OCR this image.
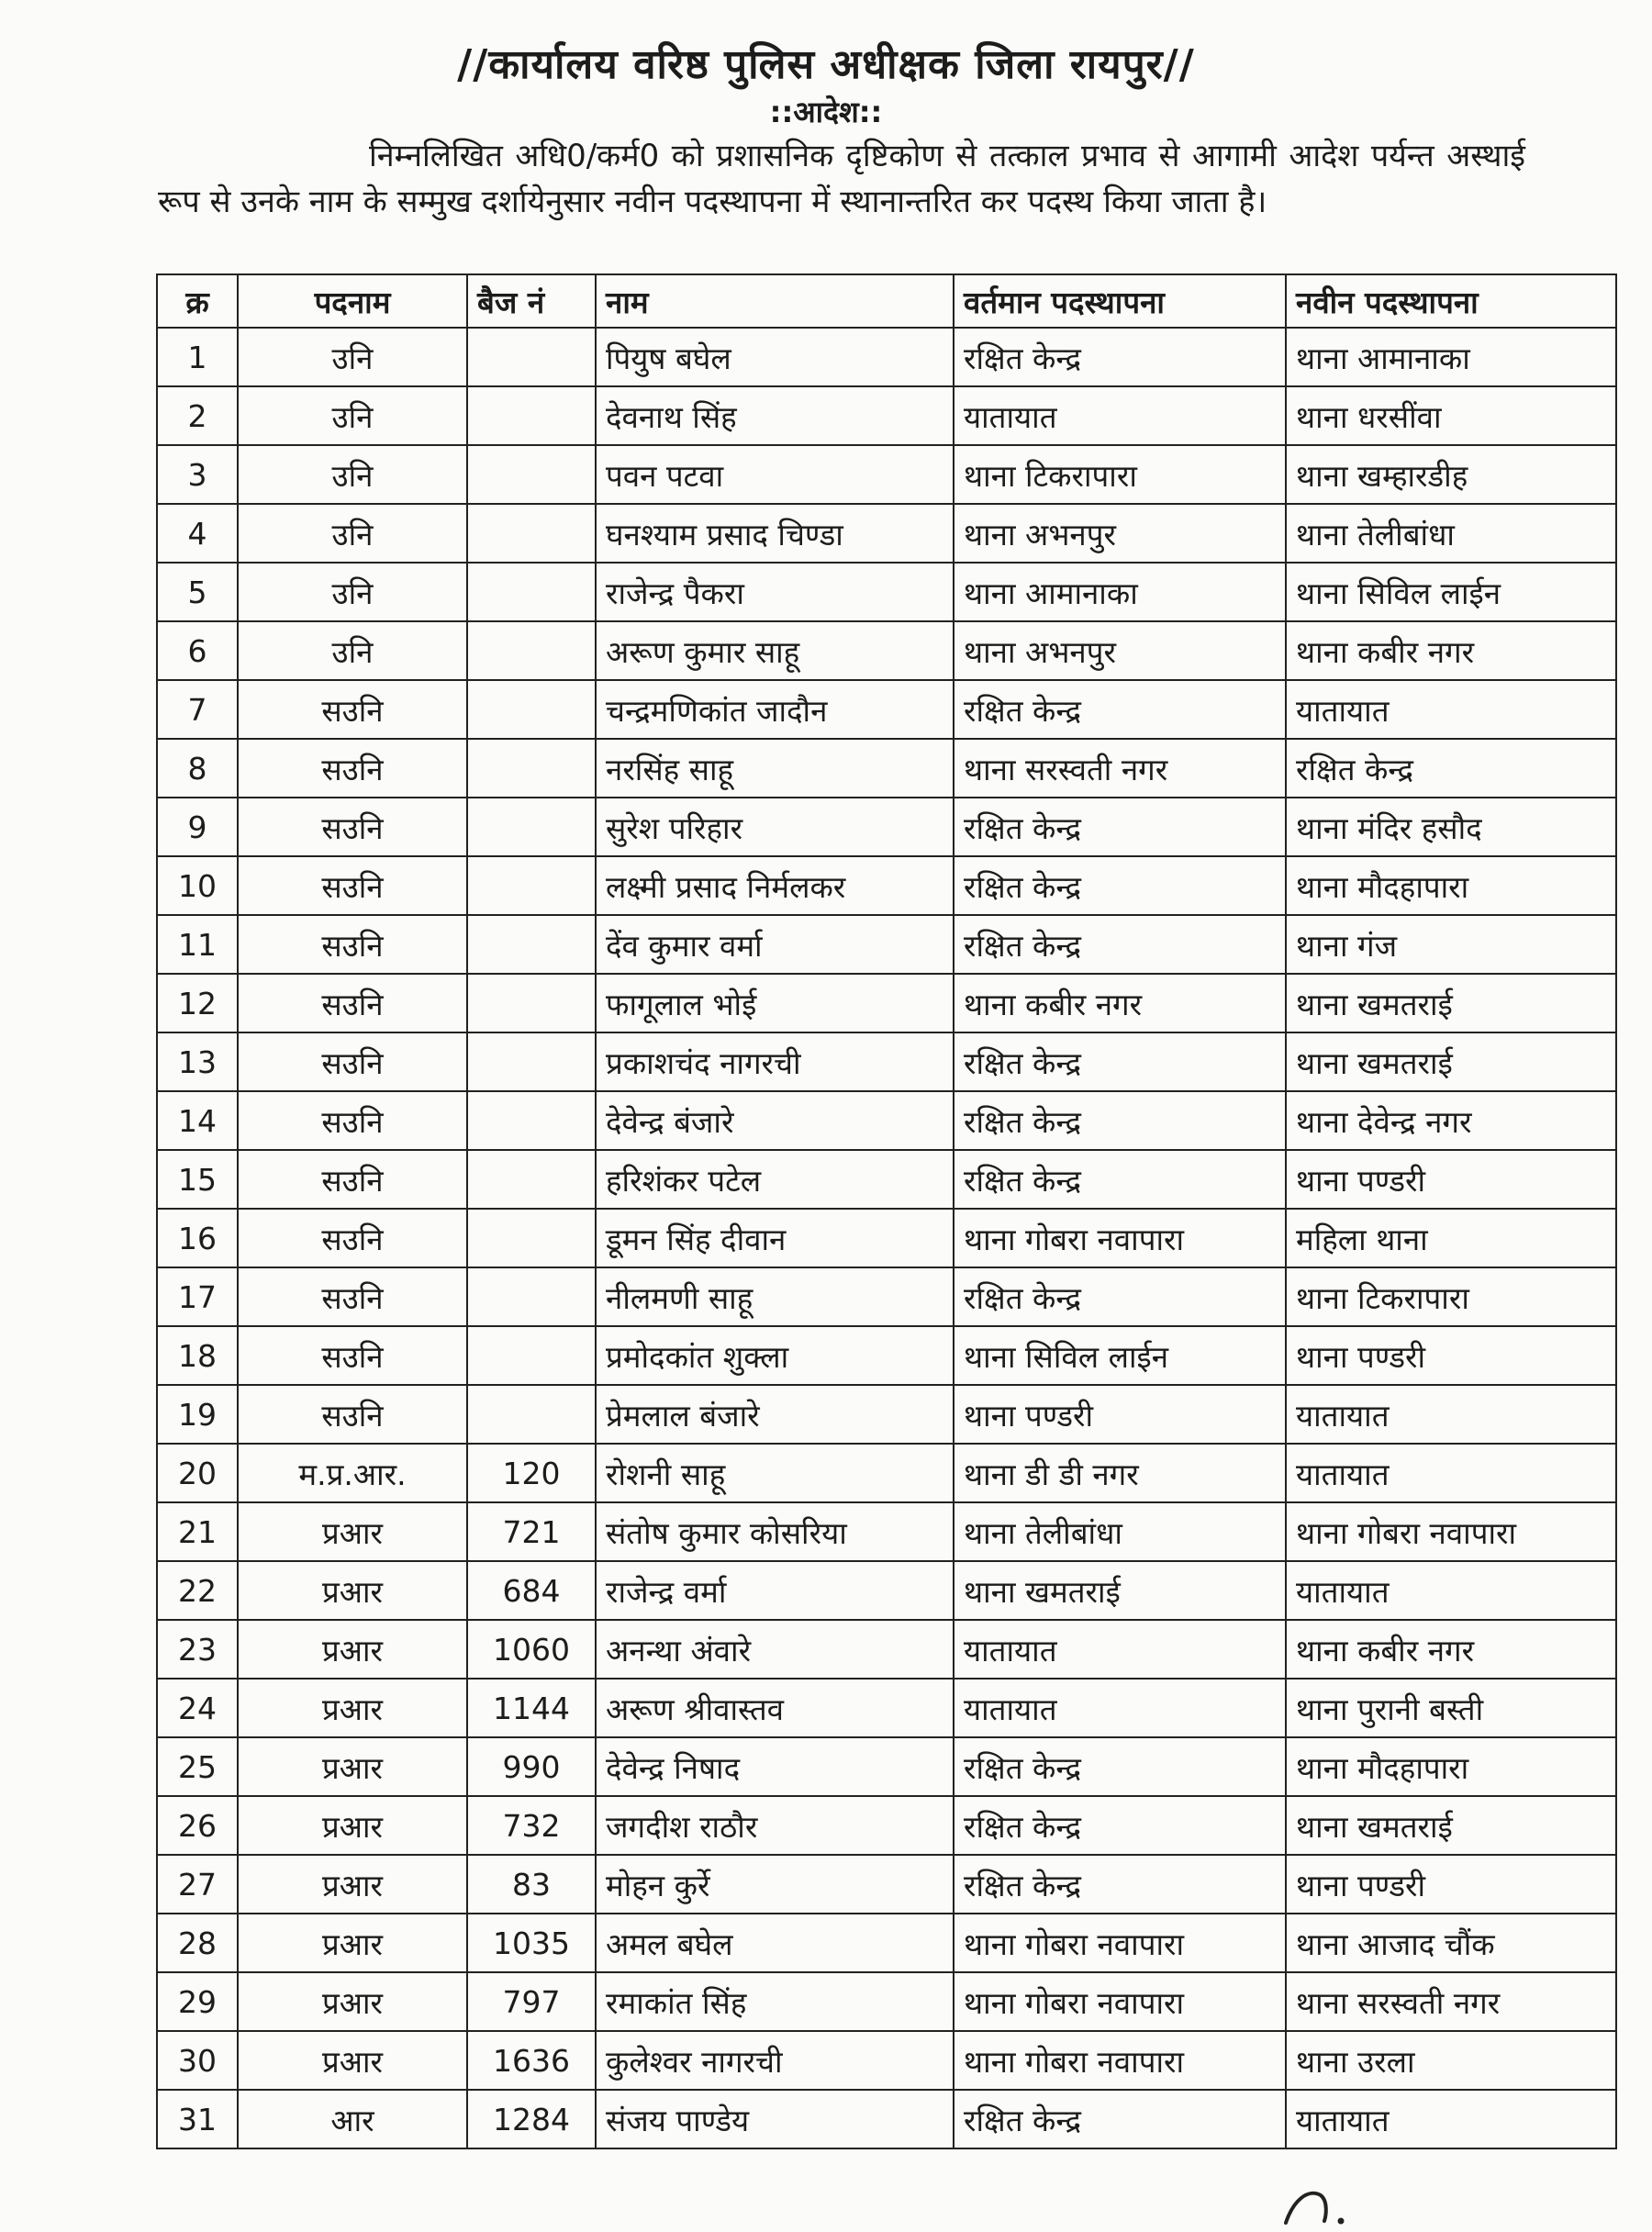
//कार्यालय वरिष्ठ पुलिस अधीक्षक जिला रायपुर//
::आदेश::
निम्नलिखित अधि0/कर्म0 को प्रशासनिक दृष्टिकोण से तत्काल प्रभाव से आगामी आदेश पर्यन्त अस्थाई रूप से उनके नाम के सम्मुख दर्शायेनुसार नवीन पदस्थापना में स्थानान्तरित कर पदस्थ किया जाता है।
क्र	पदनाम	बैज नं	नाम	वर्तमान पदस्थापना	नवीन पदस्थापना
1	उनि		पियुष बघेल	रक्षित केन्द्र	थाना आमानाका
2	उनि		देवनाथ सिंह	यातायात	थाना धरसींवा
3	उनि		पवन पटवा	थाना टिकरापारा	थाना खम्हारडीह
4	उनि		घनश्याम प्रसाद चिण्डा	थाना अभनपुर	थाना तेलीबांधा
5	उनि		राजेन्द्र पैकरा	थाना आमानाका	थाना सिविल लाईन
6	उनि		अरूण कुमार साहू	थाना अभनपुर	थाना कबीर नगर
7	सउनि		चन्द्रमणिकांत जादौन	रक्षित केन्द्र	यातायात
8	सउनि		नरसिंह साहू	थाना सरस्वती नगर	रक्षित केन्द्र
9	सउनि		सुरेश परिहार	रक्षित केन्द्र	थाना मंदिर हसौद
10	सउनि		लक्ष्मी प्रसाद निर्मलकर	रक्षित केन्द्र	थाना मौदहापारा
11	सउनि		देंव कुमार वर्मा	रक्षित केन्द्र	थाना गंज
12	सउनि		फागूलाल भोई	थाना कबीर नगर	थाना खमतराई
13	सउनि		प्रकाशचंद नागरची	रक्षित केन्द्र	थाना खमतराई
14	सउनि		देवेन्द्र बंजारे	रक्षित केन्द्र	थाना देवेन्द्र नगर
15	सउनि		हरिशंकर पटेल	रक्षित केन्द्र	थाना पण्डरी
16	सउनि		डूमन सिंह दीवान	थाना गोबरा नवापारा	महिला थाना
17	सउनि		नीलमणी साहू	रक्षित केन्द्र	थाना टिकरापारा
18	सउनि		प्रमोदकांत शुक्ला	थाना सिविल लाईन	थाना पण्डरी
19	सउनि		प्रेमलाल बंजारे	थाना पण्डरी	यातायात
20	म.प्र.आर.	120	रोशनी साहू	थाना डी डी नगर	यातायात
21	प्रआर	721	संतोष कुमार कोसरिया	थाना तेलीबांधा	थाना गोबरा नवापारा
22	प्रआर	684	राजेन्द्र वर्मा	थाना खमतराई	यातायात
23	प्रआर	1060	अनन्था अंवारे	यातायात	थाना कबीर नगर
24	प्रआर	1144	अरूण श्रीवास्तव	यातायात	थाना पुरानी बस्ती
25	प्रआर	990	देवेन्द्र निषाद	रक्षित केन्द्र	थाना मौदहापारा
26	प्रआर	732	जगदीश राठौर	रक्षित केन्द्र	थाना खमतराई
27	प्रआर	83	मोहन कुर्रे	रक्षित केन्द्र	थाना पण्डरी
28	प्रआर	1035	अमल बघेल	थाना गोबरा नवापारा	थाना आजाद चौंक
29	प्रआर	797	रमाकांत सिंह	थाना गोबरा नवापारा	थाना सरस्वती नगर
30	प्रआर	1636	कुलेश्वर नागरची	थाना गोबरा नवापारा	थाना उरला
31	आर	1284	संजय पाण्डेय	रक्षित केन्द्र	यातायात
